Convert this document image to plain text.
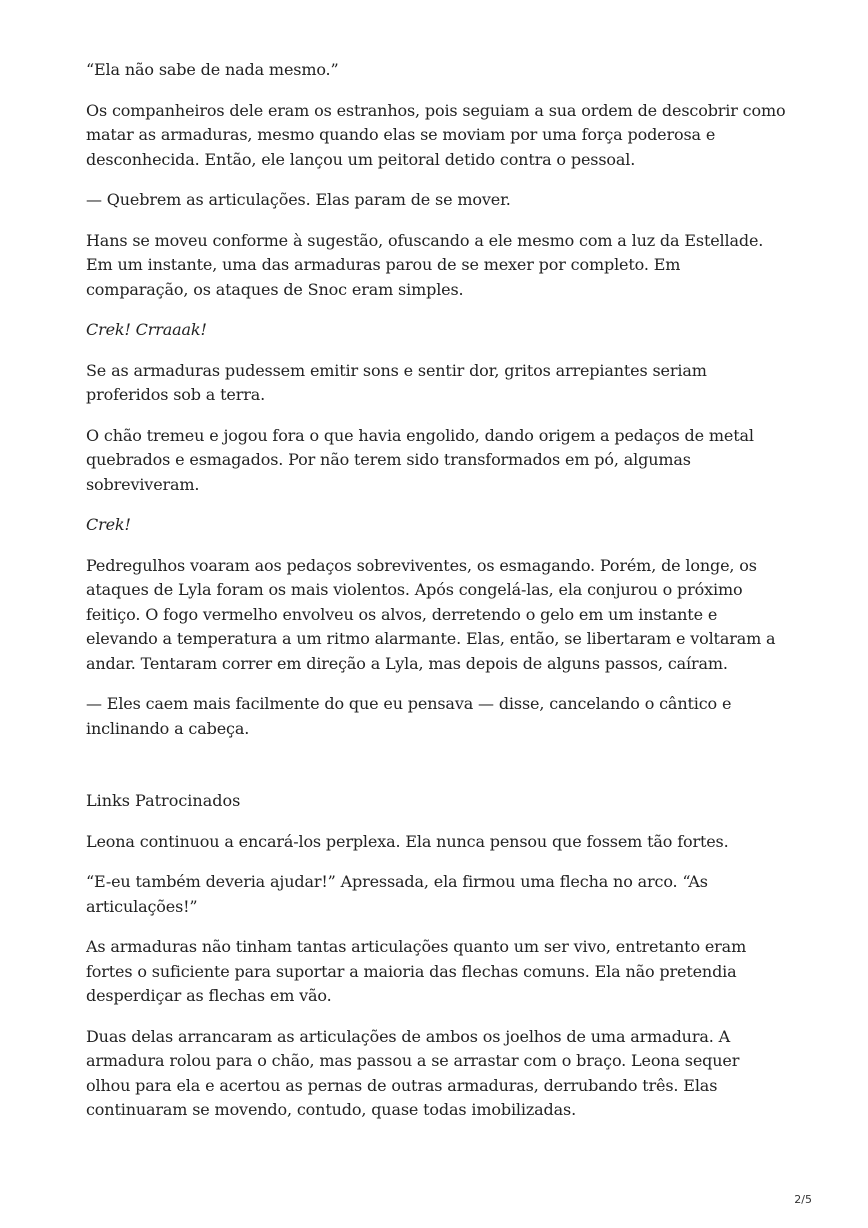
“Ela não sabe de nada mesmo.”

Os companheiros dele eram os estranhos, pois seguiam a sua ordem de descobrir como matar as armaduras, mesmo quando elas se moviam por uma força poderosa e desconhecida. Então, ele lançou um peitoral detido contra o pessoal.

— Quebrem as articulações. Elas param de se mover.

Hans se moveu conforme à sugestão, ofuscando a ele mesmo com a luz da Estellade. Em um instante, uma das armaduras parou de se mexer por completo. Em comparação, os ataques de Snoc eram simples.

Crek! Crraaak!

Se as armaduras pudessem emitir sons e sentir dor, gritos arrepiantes seriam proferidos sob a terra.

O chão tremeu e jogou fora o que havia engolido, dando origem a pedaços de metal quebrados e esmagados. Por não terem sido transformados em pó, algumas sobreviveram.

Crek!

Pedregulhos voaram aos pedaços sobreviventes, os esmagando. Porém, de longe, os ataques de Lyla foram os mais violentos. Após congelá-las, ela conjurou o próximo feitiço. O fogo vermelho envolveu os alvos, derretendo o gelo em um instante e elevando a temperatura a um ritmo alarmante. Elas, então, se libertaram e voltaram a andar. Tentaram correr em direção a Lyla, mas depois de alguns passos, caíram.

— Eles caem mais facilmente do que eu pensava — disse, cancelando o cântico e inclinando a cabeça.

Links Patrocinados

Leona continuou a encará-los perplexa. Ela nunca pensou que fossem tão fortes.

“E-eu também deveria ajudar!” Apressada, ela firmou uma flecha no arco. “As articulações!”

As armaduras não tinham tantas articulações quanto um ser vivo, entretanto eram fortes o suficiente para suportar a maioria das flechas comuns. Ela não pretendia desperdiçar as flechas em vão.

Duas delas arrancaram as articulações de ambos os joelhos de uma armadura. A armadura rolou para o chão, mas passou a se arrastar com o braço. Leona sequer olhou para ela e acertou as pernas de outras armaduras, derrubando três. Elas continuaram se movendo, contudo, quase todas imobilizadas.

2/5
